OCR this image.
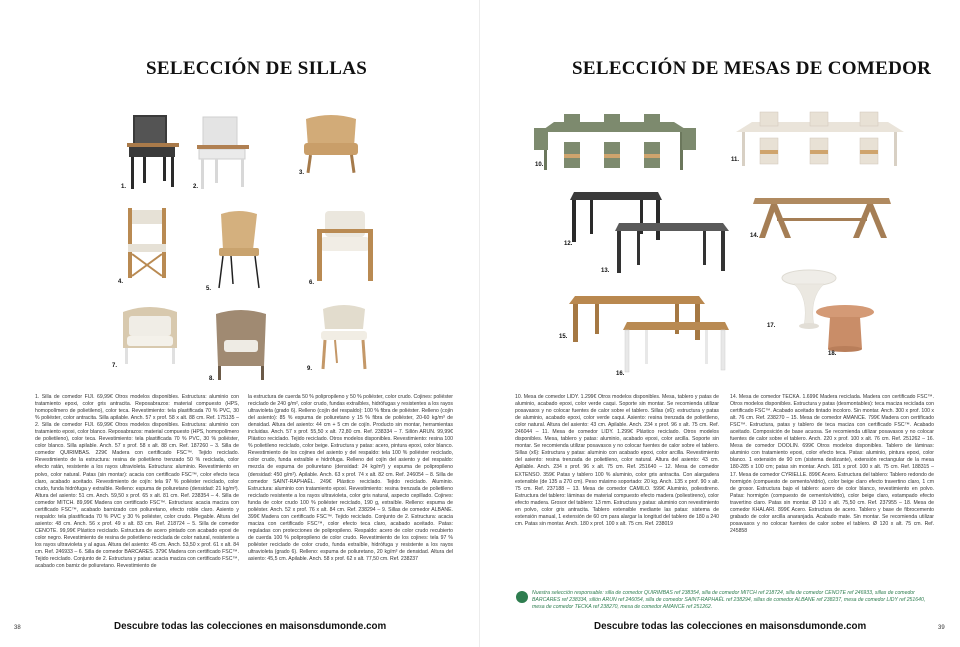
SELECCIÓN DE SILLAS
1.	2.
3.
4.
5.
6.
7.
8.
9.
1. Silla de comedor FIJI. 69,99€ Otros modelos disponibles. Estructura: aluminio con tratamiento epoxi, color gris antracita. Reposabrazos: material compuesto (HPS, homopolímero de polietileno), color teca. Revestimiento: tela plastificada 70 % PVC, 30 % poliéster, color antracita. Silla apilable. Anch. 57 x prof. 58 x alt. 88 cm. Ref. 175135 – 2. Silla de comedor FIJI. 69,99€ Otros modelos disponibles. Estructura: aluminio con tratamiento epoxi, color blanco. Reposabrazos: material compuesto (HPS, homopolímero de polietileno), color teca. Revestimiento: tela plastificada 70 % PVC, 30 % poliéster, color blanco. Silla apilable. Anch. 57 x prof. 58 x alt. 88 cm. Ref. 187260 – 3. Silla de comedor QUIRIMBAS. 229€ Madera con certificado FSC™. Tejido reciclado. Revestimiento de la estructura: resina de polietileno trenzado 50 % reciclada, color efecto ratán, resistente a los rayos ultravioleta. Estructura: aluminio. Revestimiento en polvo, color natural. Patas (sin montar): acacia con certificado FSC™, color efecto teca claro, acabado aceitado. Revestimiento de cojín: tela 97 % poliéster reciclado, color crudo, funda hidrófuga y extraíble. Relleno: espuma de poliuretano (densidad: 21 kg/m³). Altura del asiento: 51 cm. Anch. 59,50 x prof. 65 x alt. 81 cm. Ref. 238354 – 4. Silla de comedor MITCH. 89,99€ Madera con certificado FSC™. Estructura: acacia maciza con certificado FSC™, acabado barnizado con poliuretano, efecto roble claro. Asiento y respaldo: tela plastificada 70 % PVC y 30 % poliéster, color crudo. Plegable. Altura del asiento: 48 cm. Anch. 56 x prof. 49 x alt. 83 cm. Ref. 218724 – 5. Silla de comedor CENOTE. 99,99€ Plástico reciclado. Estructura de acero pintado con acabado epoxi de color negro. Revestimiento de resina de polietileno reciclada de color natural, resistente a los rayos ultravioleta y al agua. Altura del asiento: 45 cm. Anch. 53,50 x prof. 61 x alt. 84 cm. Ref. 246933 – 6. Silla de comedor BARCARES. 379€ Madera con certificado FSC™. Tejido reciclado. Conjunto de 2. Estructura y patas: acacia maciza con certificado FSC™, acabado con barniz de poliuretano. Revestimiento de
la estructura de cuerda 50 % polipropileno y 50 % poliéster, color crudo. Cojines: poliéster reciclado de 240 g/m², color crudo, fundas extraíbles, hidrófugas y resistentes a los rayos ultravioleta (grado 6). Relleno (cojín del respaldo): 100 % fibra de poliéster. Relleno (cojín del asiento): 85 % espuma de poliuretano y 15 % fibra de poliéster, 20-60 kg/m³ de densidad. Altura del asiento: 44 cm + 5 cm de cojín. Producto sin montar, herramientas incluidas. Anch. 57 x prof. 55,50 x alt. 72,80 cm. Ref. 238334 – 7. Sillón ARUN. 99,99€ Plástico reciclado. Tejido reciclado. Otros modelos disponibles. Revestimiento: resina 100 % polietileno reciclado, color beige. Estructura y patas: acero, pintura epoxi, color blanco. Revestimiento de los cojines del asiento y del respaldo: tela 100 % poliéster reciclado, color crudo, funda extraíble e hidrófuga. Relleno del cojín del asiento y del respaldo: mezcla de espuma de poliuretano (densidad: 24 kg/m³) y espuma de polipropileno (densidad: 450 g/m²). Apilable. Anch. 63 x prof. 74 x alt. 82 cm. Ref. 246054 – 8. Silla de comedor SAINT-RAPHAËL. 249€ Plástico reciclado. Tejido reciclado. Aluminio. Estructura: aluminio con tratamiento epoxi. Revestimiento: resina trenzada de polietileno reciclado resistente a los rayos ultravioleta, color gris natural, aspecto cepillado. Cojines: funda de color crudo 100 % poliéster reciclado, 190 g, extraíble. Relleno: espuma de poliéster. Anch. 52 x prof. 76 x alt. 84 cm. Ref. 238294 – 9. Sillas de comedor ALBANE. 399€ Madera con certificado FSC™. Tejido reciclado. Conjunto de 2. Estructura: acacia maciza con certificado FSC™, color efecto teca claro, acabado aceitado. Patas: reguladas con protecciones de polipropileno. Respaldo: acero de color crudo recubierto de cuerda 100 % polipropileno de color crudo. Revestimiento de los cojines: tela 97 % poliéster reciclado de color crudo, funda extraíble, hidrófuga y resistente a los rayos ultravioleta (grado 6). Relleno: espuma de poliuretano, 20 kg/m³ de densidad. Altura del asiento: 45,5 cm. Apilable. Anch. 58 x prof. 62 x alt. 77,50 cm. Ref. 238237
38	Descubre todas las colecciones en maisonsdumonde.com
SELECCIÓN DE MESAS DE COMEDOR
10.
11.
12.
13.
14.
15.
16.
17.
18.
10. Mesa de comedor LIDY. 1.299€ Otros modelos disponibles. Mesa, tablero y patas de aluminio, acabado epoxi, color verde caqui. Soporte sin montar. Se recomienda utilizar posavasos y no colocar fuentes de calor sobre el tablero. Sillas (x6): estructura y patas de aluminio, acabado epoxi, color verde caqui. Asiento: resina trenzada de polietileno, color natural. Altura del asiento: 43 cm. Apilable. Anch. 234 x prof. 96 x alt. 75 cm. Ref. 246044 – 11. Mesa de comedor LIDY. 1.299€ Plástico reciclado. Otros modelos disponibles. Mesa, tablero y patas: aluminio, acabado epoxi, color arcilla. Soporte sin montar. Se recomienda utilizar posavasos y no colocar fuentes de calor sobre el tablero. Sillas (x6): Estructura y patas: aluminio con acabado epoxi, color arcilla. Revestimiento del asiento: resina trenzada de polietileno, color natural. Altura del asiento: 43 cm. Apilable. Anch. 234 x prof. 96 x alt. 75 cm. Ref. 251640 – 12. Mesa de comedor EXTENSO. 359€ Patas y tablero 100 % aluminio, color gris antracita. Con alargadera extensible (de 135 a 270 cm). Peso máximo soportado: 20 kg. Anch. 135 x prof. 90 x alt. 75 cm. Ref. 237188 – 13. Mesa de comedor CAMILO. 599€ Aluminio, poliestireno. Estructura del tablero: láminas de material compuesto efecto madera (poliestireno), color efecto madera. Grosor del tablero: 13 mm. Estructura y patas: aluminio con revestimiento en polvo, color gris antracita. Tablero extensible mediante las patas: sistema de extensión manual, 1 extensión de 60 cm para alargar la longitud del tablero de 180 a 240 cm. Patas sin montar. Anch. 180 x prof. 100 x alt. 75 cm. Ref. 238019
14. Mesa de comedor TECKA. 1.699€ Madera reciclada. Madera con certificado FSC™. Otros modelos disponibles. Estructura y patas (desmontables): teca maciza reciclada con certificado FSC™. Acabado aceitado tintado incoloro. Sin montar. Anch. 300 x prof. 100 x alt. 76 cm. Ref. 238270 – 15. Mesa de comedor AMANCE. 799€ Madera con certificado FSC™. Estructura, patas y tablero de teca maciza con certificado FSC™. Acabado aceitado. Composición de base acuosa. Se recomienda utilizar posavasos y no colocar fuentes de calor sobre el tablero. Anch. 220 x prof. 100 x alt. 76 cm. Ref. 251262 – 16. Mesa de comedor DOOLIN. 699€ Otros modelos disponibles. Tablero de láminas: aluminio con tratamiento epoxi, color efecto teca. Patas: aluminio, pintura epoxi, color blanco. 1 extensión de 90 cm (sistema deslizante), extensión rectangular de la mesa 180-285 x 100 cm; patas sin montar. Anch. 181 x prof. 100 x alt. 75 cm. Ref. 188315 – 17. Mesa de comedor CYRIELLE. 899€ Acero. Estructura del tablero: Tablero redondo de hormigón (compuesto de cemento/vidrio), color beige claro efecto travertino claro, 1 cm de grosor. Estructura bajo el tablero: acero de color blanco, revestimiento en polvo. Patas: hormigón (compuesto de cemento/vidrio), color beige claro, estampado efecto travertino claro. Patas sin montar. Ø 110 x alt. 75,50 cm. Ref. 237955 – 18. Mesa de comedor KHALARI. 899€ Acero. Estructura de acero. Tablero y base de fibrocemento grabado de color arcilla anaranjada. Acabado mate. Sin montar. Se recomienda utilizar posavasos y no colocar fuentes de calor sobre el tablero. Ø 120 x alt. 75 cm. Ref. 245858
39
Descubre todas las colecciones en maisonsdumonde.com
Nuestra selección responsable: silla de comedor QUIRIMBAS ref 238354, silla de comedor MITCH ref 218724, silla de comedor CENOTE ref 246933, sillas de comedor BARCARES ref 238334, sillón ARUN ref 246054, silla de comedor SAINT-RAPHAËL ref 238294, sillas de comedor ALBANE ref 238237, mesa de comedor LIDY ref 251640, mesa de comedor TECKA ref 238270, mesa de comedor AMANCE ref 251262.
